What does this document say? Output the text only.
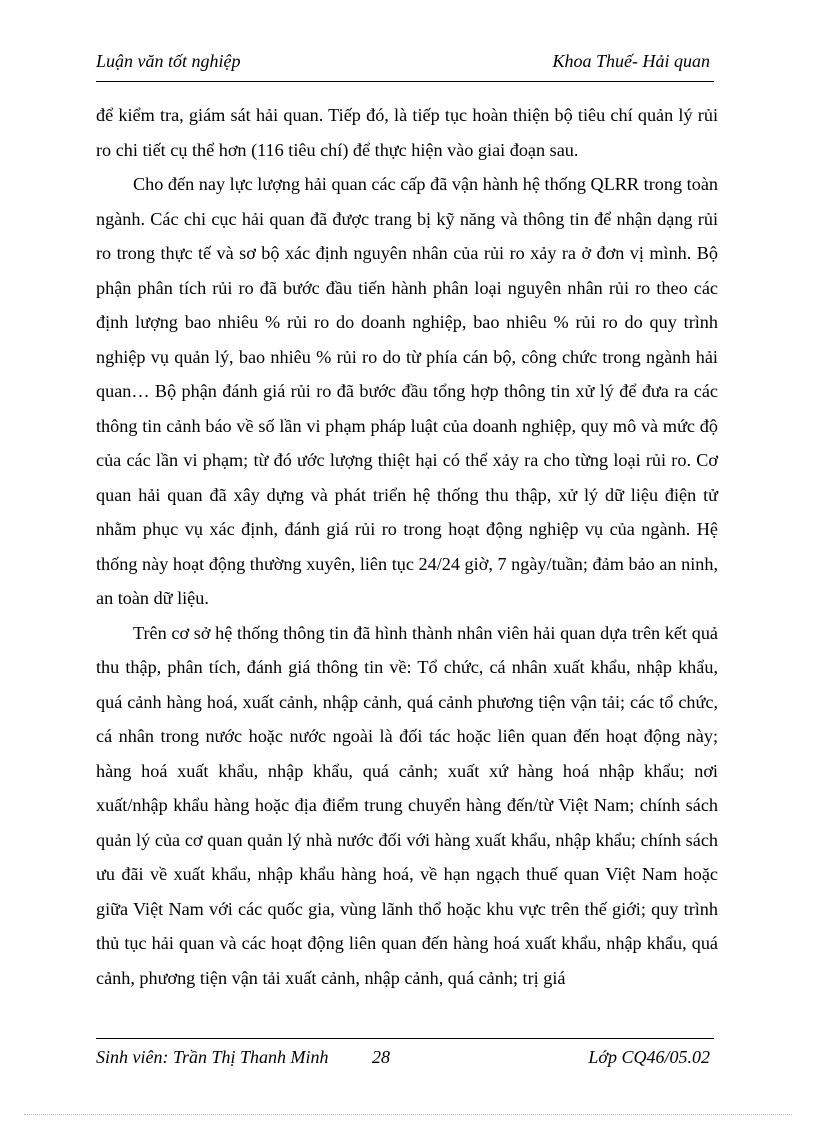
Luận văn tốt nghiệp	Khoa Thuế- Hải quan

để kiểm tra, giám sát hải quan. Tiếp đó, là tiếp tục hoàn thiện bộ tiêu chí quản lý rủi ro chi tiết cụ thể hơn (116 tiêu chí) để thực hiện vào giai đoạn sau.

Cho đến nay lực lượng hải quan các cấp đã vận hành hệ thống QLRR trong toàn ngành. Các chi cục hải quan đã được trang bị kỹ năng và thông tin để nhận dạng rủi ro trong thực tế và sơ bộ xác định nguyên nhân của rủi ro xảy ra ở đơn vị mình. Bộ phận phân tích rủi ro đã bước đầu tiến hành phân loại nguyên nhân rủi ro theo các định lượng bao nhiêu % rủi ro do doanh nghiệp, bao nhiêu % rủi ro do quy trình nghiệp vụ quản lý, bao nhiêu % rủi ro do từ phía cán bộ, công chức trong ngành hải quan… Bộ phận đánh giá rủi ro đã bước đầu tổng hợp thông tin xử lý để đưa ra các thông tin cảnh báo về số lần vi phạm pháp luật của doanh nghiệp, quy mô và mức độ của các lần vi phạm; từ đó ước lượng thiệt hại có thể xảy ra cho từng loại rủi ro. Cơ quan hải quan đã xây dựng và phát triển hệ thống thu thập, xử lý dữ liệu điện tử nhằm phục vụ xác định, đánh giá rủi ro trong hoạt động nghiệp vụ của ngành. Hệ thống này hoạt động thường xuyên, liên tục 24/24 giờ, 7 ngày/tuần; đảm bảo an ninh, an toàn dữ liệu.

Trên cơ sở hệ thống thông tin đã hình thành nhân viên hải quan dựa trên kết quả thu thập, phân tích, đánh giá thông tin về: Tổ chức, cá nhân xuất khẩu, nhập khẩu, quá cảnh hàng hoá, xuất cảnh, nhập cảnh, quá cảnh phương tiện vận tải; các tổ chức, cá nhân trong nước hoặc nước ngoài là đối tác hoặc liên quan đến hoạt động này; hàng hoá xuất khẩu, nhập khẩu, quá cảnh; xuất xứ hàng hoá nhập khẩu; nơi xuất/nhập khẩu hàng hoặc địa điểm trung chuyển hàng đến/từ Việt Nam; chính sách quản lý của cơ quan quản lý nhà nước đối với hàng xuất khẩu, nhập khẩu; chính sách ưu đãi về xuất khẩu, nhập khẩu hàng hoá, về hạn ngạch thuế quan Việt Nam hoặc giữa Việt Nam với các quốc gia, vùng lãnh thổ hoặc khu vực trên thế giới; quy trình thủ tục hải quan và các hoạt động liên quan đến hàng hoá xuất khẩu, nhập khẩu, quá cảnh, phương tiện vận tải xuất cảnh, nhập cảnh, quá cảnh; trị giá

Sinh viên: Trần Thị Thanh Minh 28	Lớp CQ46/05.02
